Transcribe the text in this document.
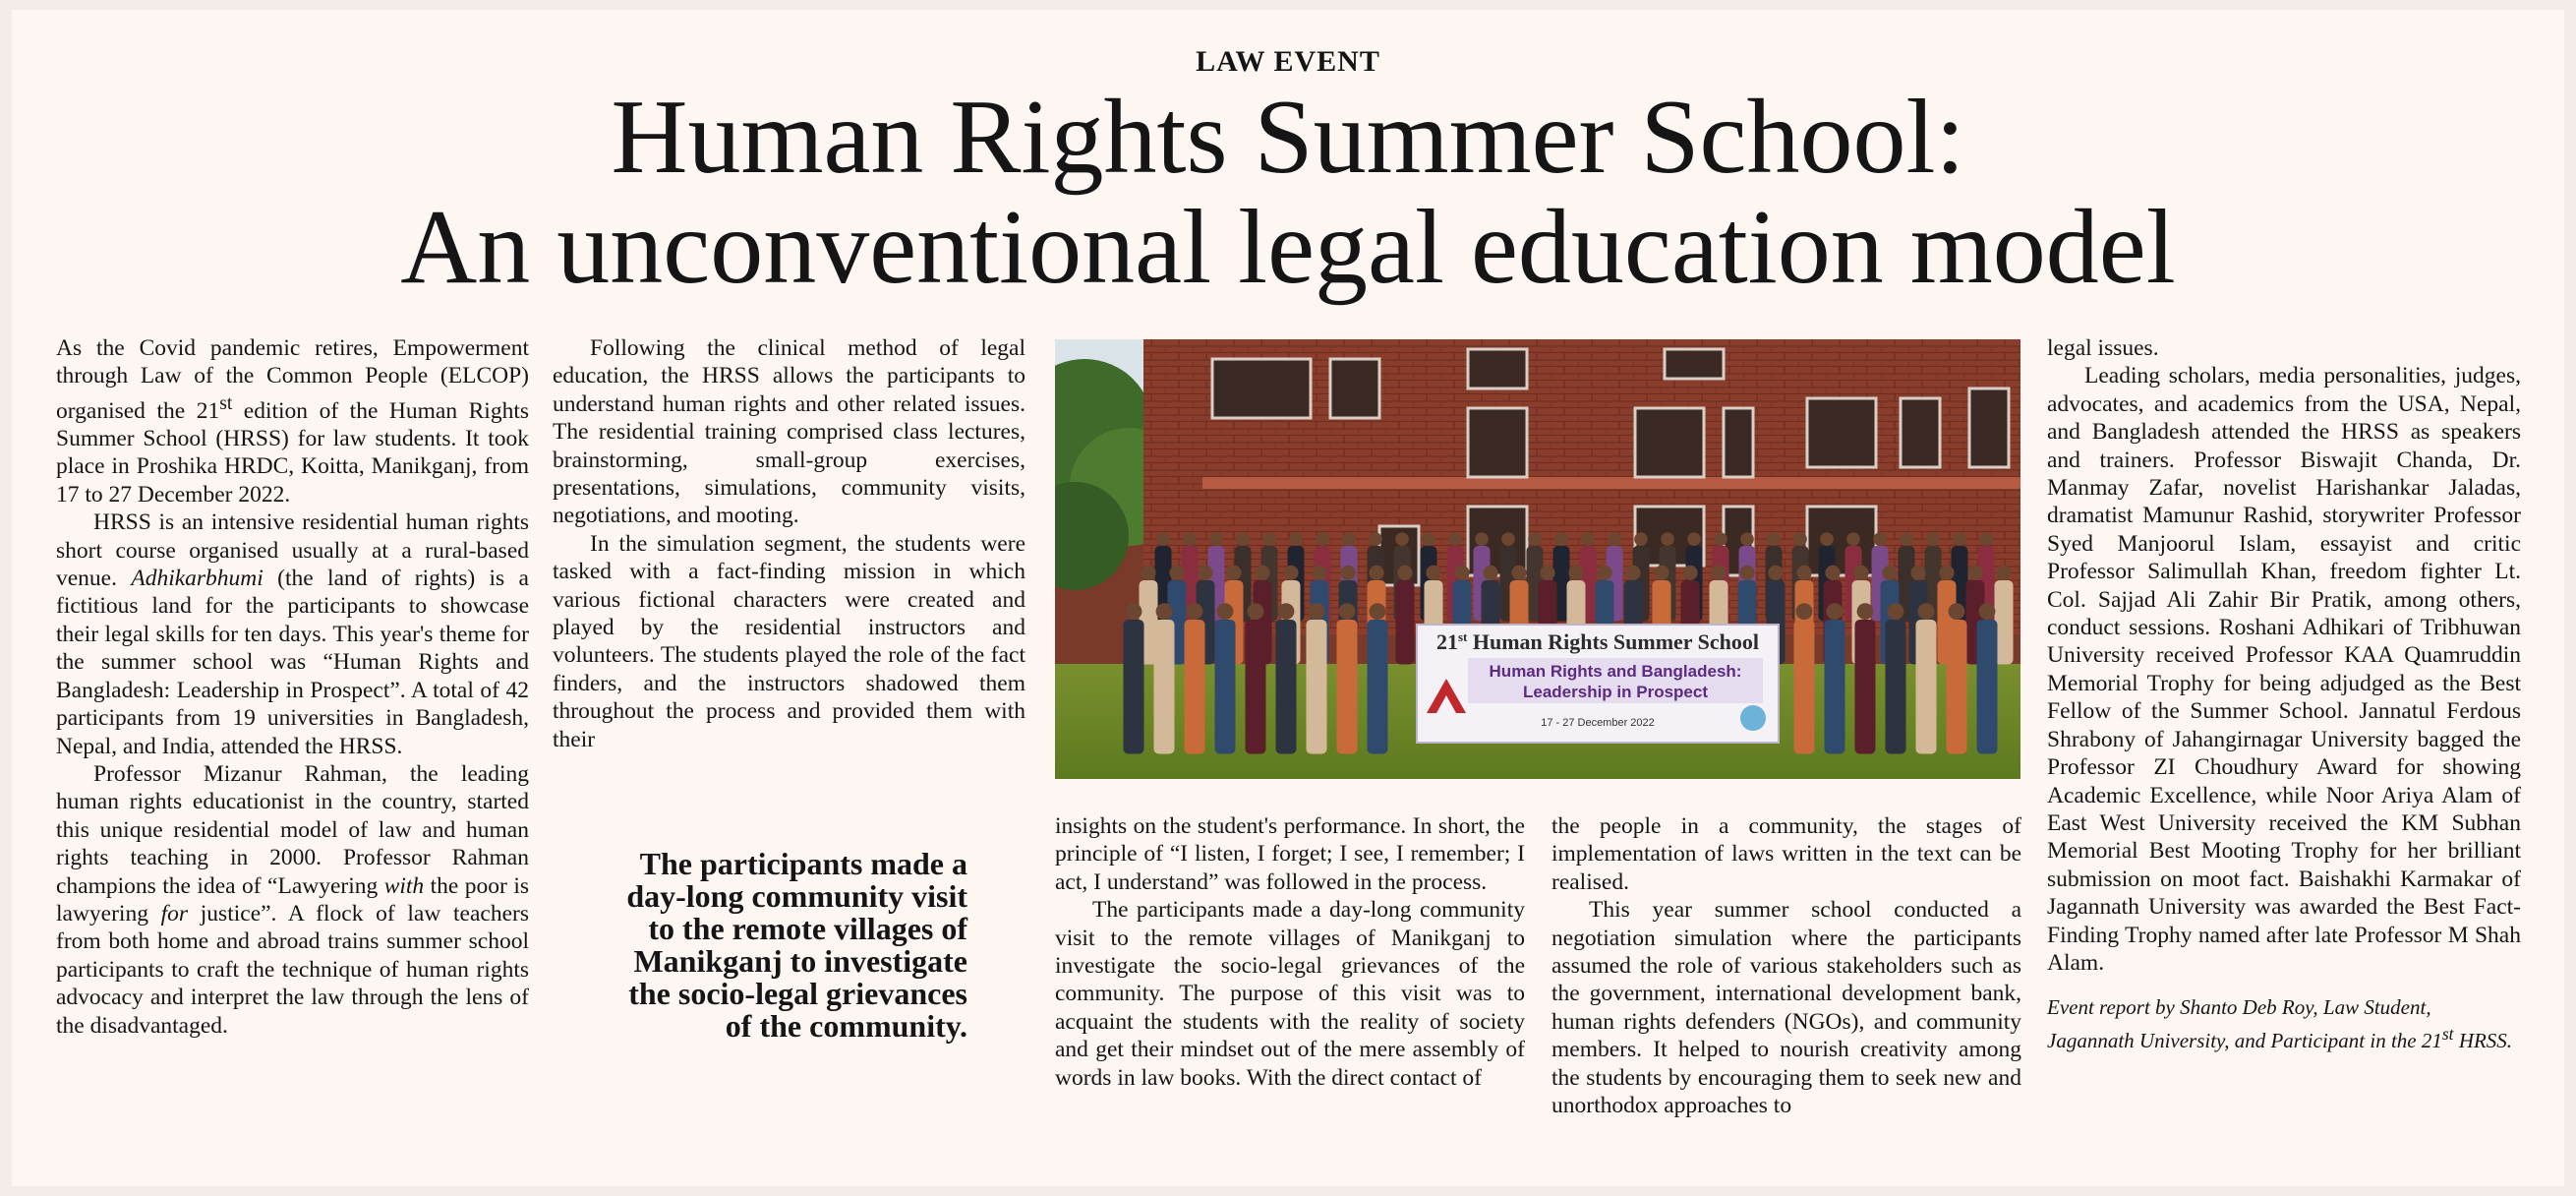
LAW EVENT
Human Rights Summer School:
An unconventional legal education model

As the Covid pandemic retires, Empowerment through Law of the Common People (ELCOP) organised the 21st edition of the Human Rights Summer School (HRSS) for law students. It took place in Proshika HRDC, Koitta, Manikganj, from 17 to 27 December 2022.

HRSS is an intensive residential human rights short course organised usually at a rural-based venue. Adhikarbhumi (the land of rights) is a fictitious land for the participants to showcase their legal skills for ten days. This year's theme for the summer school was “Human Rights and Bangladesh: Leadership in Prospect”. A total of 42 participants from 19 universities in Bangladesh, Nepal, and India, attended the HRSS.

Professor Mizanur Rahman, the leading human rights educationist in the country, started this unique residential model of law and human rights teaching in 2000. Professor Rahman champions the idea of “Lawyering with the poor is lawyering for justice”. A flock of law teachers from both home and abroad trains summer school participants to craft the technique of human rights advocacy and interpret the law through the lens of the disadvantaged.

Following the clinical method of legal education, the HRSS allows the participants to understand human rights and other related issues. The residential training comprised class lectures, brainstorming, small-group exercises, presentations, simulations, community visits, negotiations, and mooting.

In the simulation segment, the students were tasked with a fact-finding mission in which various fictional characters were created and played by the residential instructors and volunteers. The students played the role of the fact finders, and the instructors shadowed them throughout the process and provided them with their

The participants made a day-long community visit to the remote villages of Manikganj to investigate the socio-legal grievances of the community.
21st Human Rights Summer School
Human Rights and Bangladesh:
Leadership in Prospect
17 - 27 December 2022

insights on the student's performance. In short, the principle of “I listen, I forget; I see, I remember; I act, I understand” was followed in the process.

The participants made a day-long community visit to the remote villages of Manikganj to investigate the socio-legal grievances of the community. The purpose of this visit was to acquaint the students with the reality of society and get their mindset out of the mere assembly of words in law books. With the direct contact of

the people in a community, the stages of implementation of laws written in the text can be realised.

This year summer school conducted a negotiation simulation where the participants assumed the role of various stakeholders such as the government, international development bank, human rights defenders (NGOs), and community members. It helped to nourish creativity among the students by encouraging them to seek new and unorthodox approaches to

legal issues.

Leading scholars, media personalities, judges, advocates, and academics from the USA, Nepal, and Bangladesh attended the HRSS as speakers and trainers. Professor Biswajit Chanda, Dr. Manmay Zafar, novelist Harishankar Jaladas, dramatist Mamunur Rashid, storywriter Professor Syed Manjoorul Islam, essayist and critic Professor Salimullah Khan, freedom fighter Lt. Col. Sajjad Ali Zahir Bir Pratik, among others, conduct sessions. Roshani Adhikari of Tribhuwan University received Professor KAA Quamruddin Memorial Trophy for being adjudged as the Best Fellow of the Summer School. Jannatul Ferdous Shrabony of Jahangirnagar University bagged the Professor ZI Choudhury Award for showing Academic Excellence, while Noor Ariya Alam of East West University received the KM Subhan Memorial Best Mooting Trophy for her brilliant submission on moot fact. Baishakhi Karmakar of Jagannath University was awarded the Best Fact-Finding Trophy named after late Professor M Shah Alam.

Event report by Shanto Deb Roy, Law Student, Jagannath University, and Participant in the 21st HRSS.
